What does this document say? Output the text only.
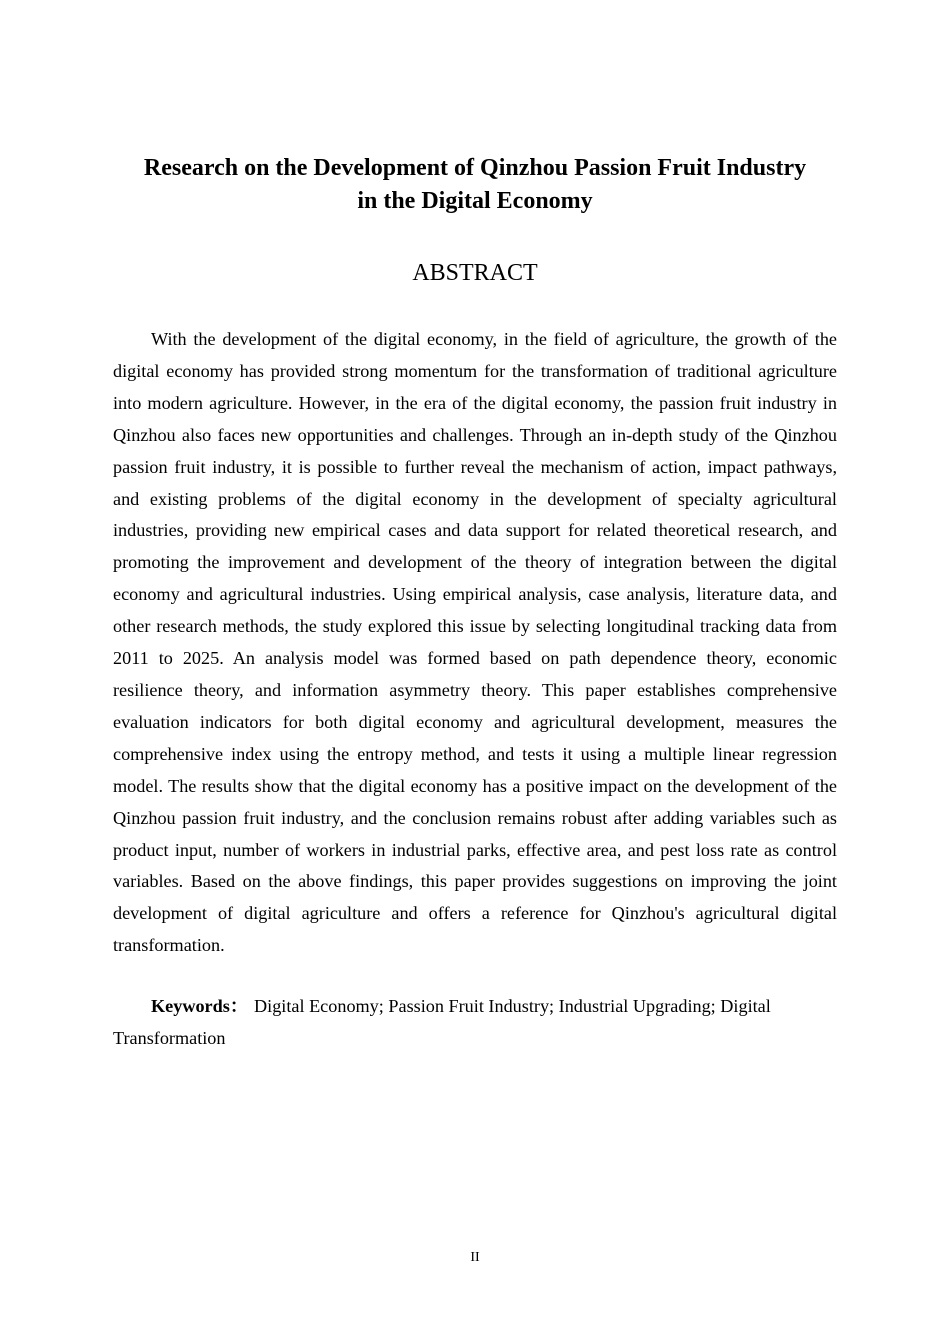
Research on the Development of Qinzhou Passion Fruit Industry
in the Digital Economy
ABSTRACT

With the development of the digital economy, in the field of agriculture, the growth of the digital economy has provided strong momentum for the transformation of traditional agriculture into modern agriculture. However, in the era of the digital economy, the passion fruit industry in Qinzhou also faces new opportunities and challenges. Through an in-depth study of the Qinzhou passion fruit industry, it is possible to further reveal the mechanism of action, impact pathways, and existing problems of the digital economy in the development of specialty agricultural industries, providing new empirical cases and data support for related theoretical research, and promoting the improvement and development of the theory of integration between the digital economy and agricultural industries. Using empirical analysis, case analysis, literature data, and other research methods, the study explored this issue by selecting longitudinal tracking data from 2011 to 2025. An analysis model was formed based on path dependence theory, economic resilience theory, and information asymmetry theory. This paper establishes comprehensive evaluation indicators for both digital economy and agricultural development, measures the comprehensive index using the entropy method, and tests it using a multiple linear regression model. The results show that the digital economy has a positive impact on the development of the Qinzhou passion fruit industry, and the conclusion remains robust after adding variables such as product input, number of workers in industrial parks, effective area, and pest loss rate as control variables. Based on the above findings, this paper provides suggestions on improving the joint development of digital agriculture and offers a reference for Qinzhou's agricultural digital transformation.

Keywords： Digital Economy; Passion Fruit Industry; Industrial Upgrading; Digital Transformation

II
